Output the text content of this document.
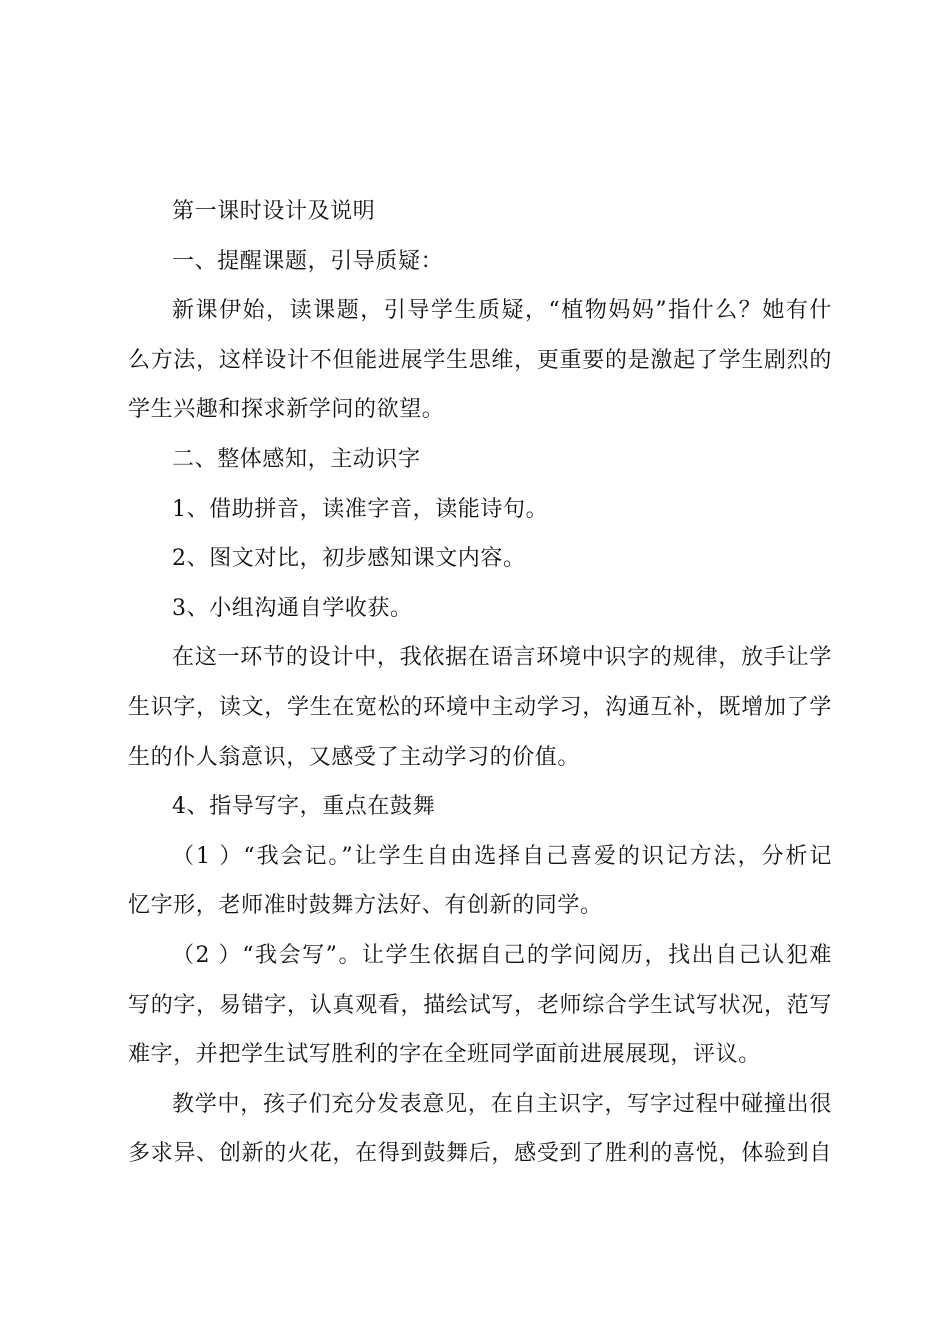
第一课时设计及说明
一、提醒课题，引导质疑：
新课伊始，读课题，引导学生质疑，“植物妈妈”指什么？她有什
么方法，这样设计不但能进展学生思维，更重要的是激起了学生剧烈的
学生兴趣和探求新学问的欲望。
二、整体感知，主动识字
1、借助拼音，读准字音，读能诗句。
2、图文对比，初步感知课文内容。
3、小组沟通自学收获。
在这一环节的设计中，我依据在语言环境中识字的规律，放手让学
生识字，读文，学生在宽松的环境中主动学习，沟通互补，既增加了学
生的仆人翁意识，又感受了主动学习的价值。
4、指导写字，重点在鼓舞
（1 ）“我会记。”让学生自由选择自己喜爱的识记方法，分析记
忆字形，老师准时鼓舞方法好、有创新的同学。
（2 ）“我会写”。让学生依据自己的学问阅历，找出自己认犯难
写的字，易错字，认真观看，描绘试写，老师综合学生试写状况，范写
难字，并把学生试写胜利的字在全班同学面前进展展现，评议。
教学中，孩子们充分发表意见，在自主识字，写字过程中碰撞出很
多求异、创新的火花，在得到鼓舞后，感受到了胜利的喜悦，体验到自
